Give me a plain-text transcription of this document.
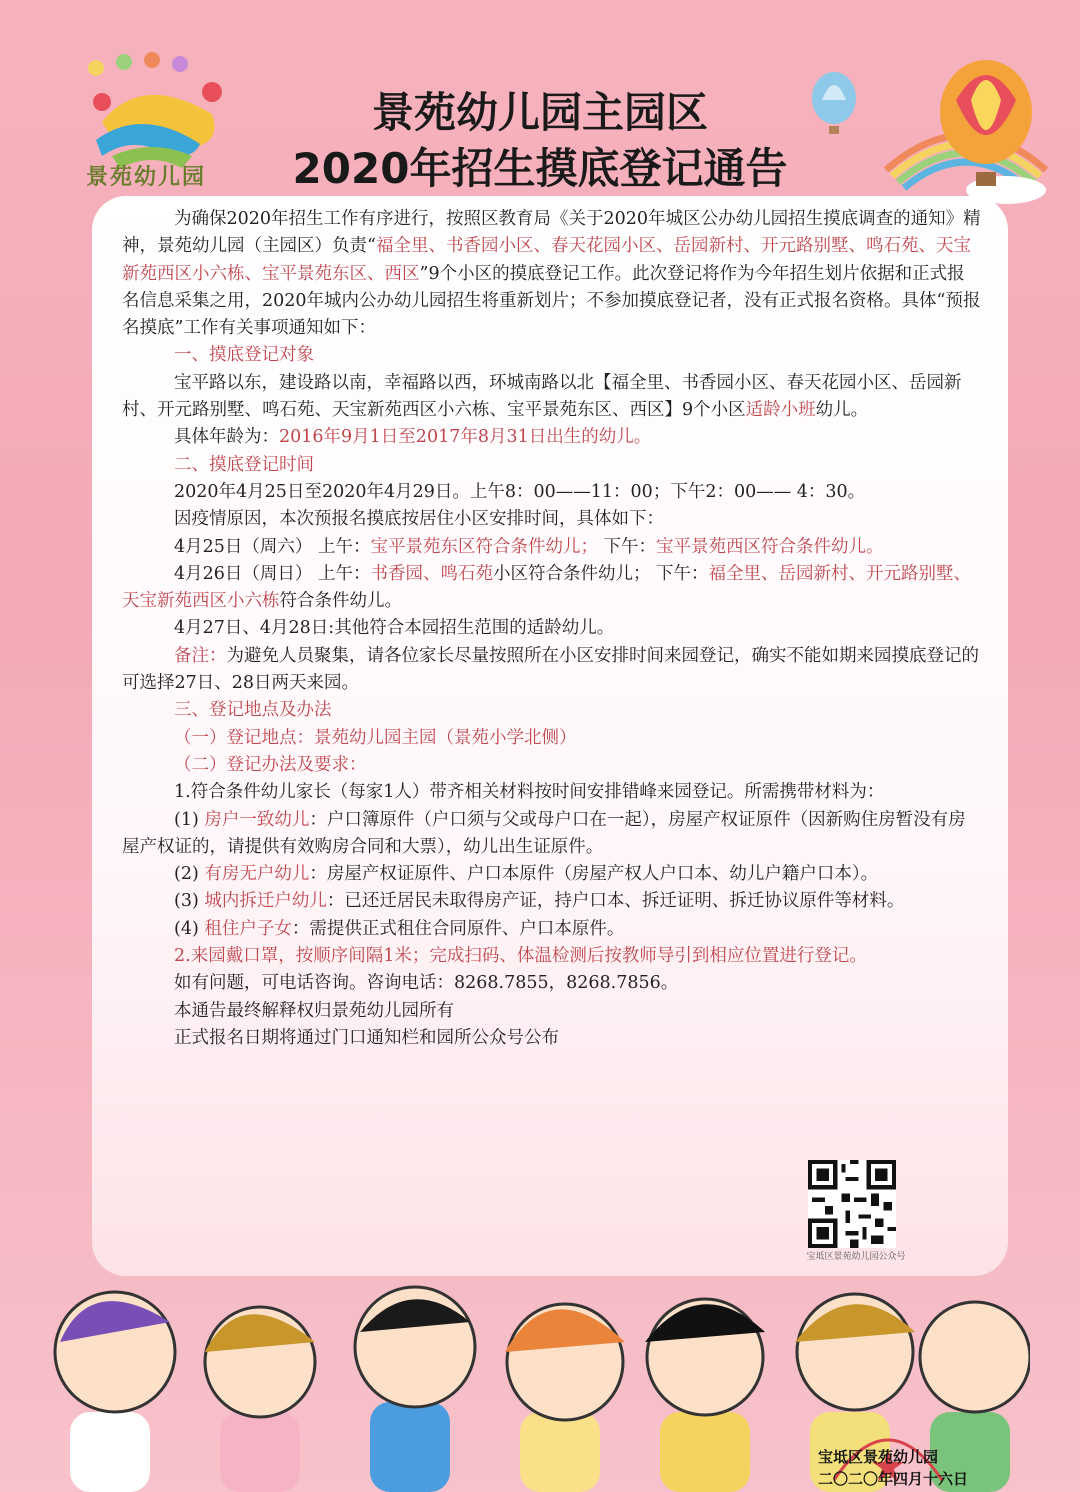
景苑幼儿园
景苑幼儿园主园区
2020年招生摸底登记通告

为确保2020年招生工作有序进行，按照区教育局《关于2020年城区公办幼儿园招生摸底调查的通知》精神，景苑幼儿园（主园区）负责“福全里、书香园小区、春天花园小区、岳园新村、开元路别墅、鸣石苑、天宝新苑西区小六栋、宝平景苑东区、西区”9个小区的摸底登记工作。此次登记将作为今年招生划片依据和正式报名信息采集之用，2020年城内公办幼儿园招生将重新划片；不参加摸底登记者，没有正式报名资格。具体“预报名摸底”工作有关事项通知如下：

一、摸底登记对象

宝平路以东，建设路以南，幸福路以西，环城南路以北【福全里、书香园小区、春天花园小区、岳园新村、开元路别墅、鸣石苑、天宝新苑西区小六栋、宝平景苑东区、西区】9个小区适龄小班幼儿。

具体年龄为：2016年9月1日至2017年8月31日出生的幼儿。

二、摸底登记时间

2020年4月25日至2020年4月29日。上午8：00——11：00；下午2：00—— 4：30。

因疫情原因，本次预报名摸底按居住小区安排时间，具体如下：

4月25日（周六） 上午：宝平景苑东区符合条件幼儿； 下午：宝平景苑西区符合条件幼儿。

4月26日（周日） 上午：书香园、鸣石苑小区符合条件幼儿； 下午：福全里、岳园新村、开元路别墅、天宝新苑西区小六栋符合条件幼儿。

4月27日、4月28日:其他符合本园招生范围的适龄幼儿。

备注：为避免人员聚集，请各位家长尽量按照所在小区安排时间来园登记，确实不能如期来园摸底登记的可选择27日、28日两天来园。

三、登记地点及办法

（一）登记地点：景苑幼儿园主园（景苑小学北侧）

（二）登记办法及要求：

1.符合条件幼儿家长（每家1人）带齐相关材料按时间安排错峰来园登记。所需携带材料为：

(1) 房户一致幼儿：户口簿原件（户口须与父或母户口在一起），房屋产权证原件（因新购住房暂没有房屋产权证的，请提供有效购房合同和大票），幼儿出生证原件。

(2) 有房无户幼儿：房屋产权证原件、户口本原件（房屋产权人户口本、幼儿户籍户口本）。

(3) 城内拆迁户幼儿：已还迁居民未取得房产证，持户口本、拆迁证明、拆迁协议原件等材料。

(4) 租住户子女：需提供正式租住合同原件、户口本原件。

2.来园戴口罩，按顺序间隔1米；完成扫码、体温检测后按教师导引到相应位置进行登记。

如有问题，可电话咨询。咨询电话：8268.7855，8268.7856。

本通告最终解释权归景苑幼儿园所有

正式报名日期将通过门口通知栏和园所公众号公布

宝坻区景苑幼儿园公众号
宝坻区景苑幼儿园
二〇二〇年四月十六日
